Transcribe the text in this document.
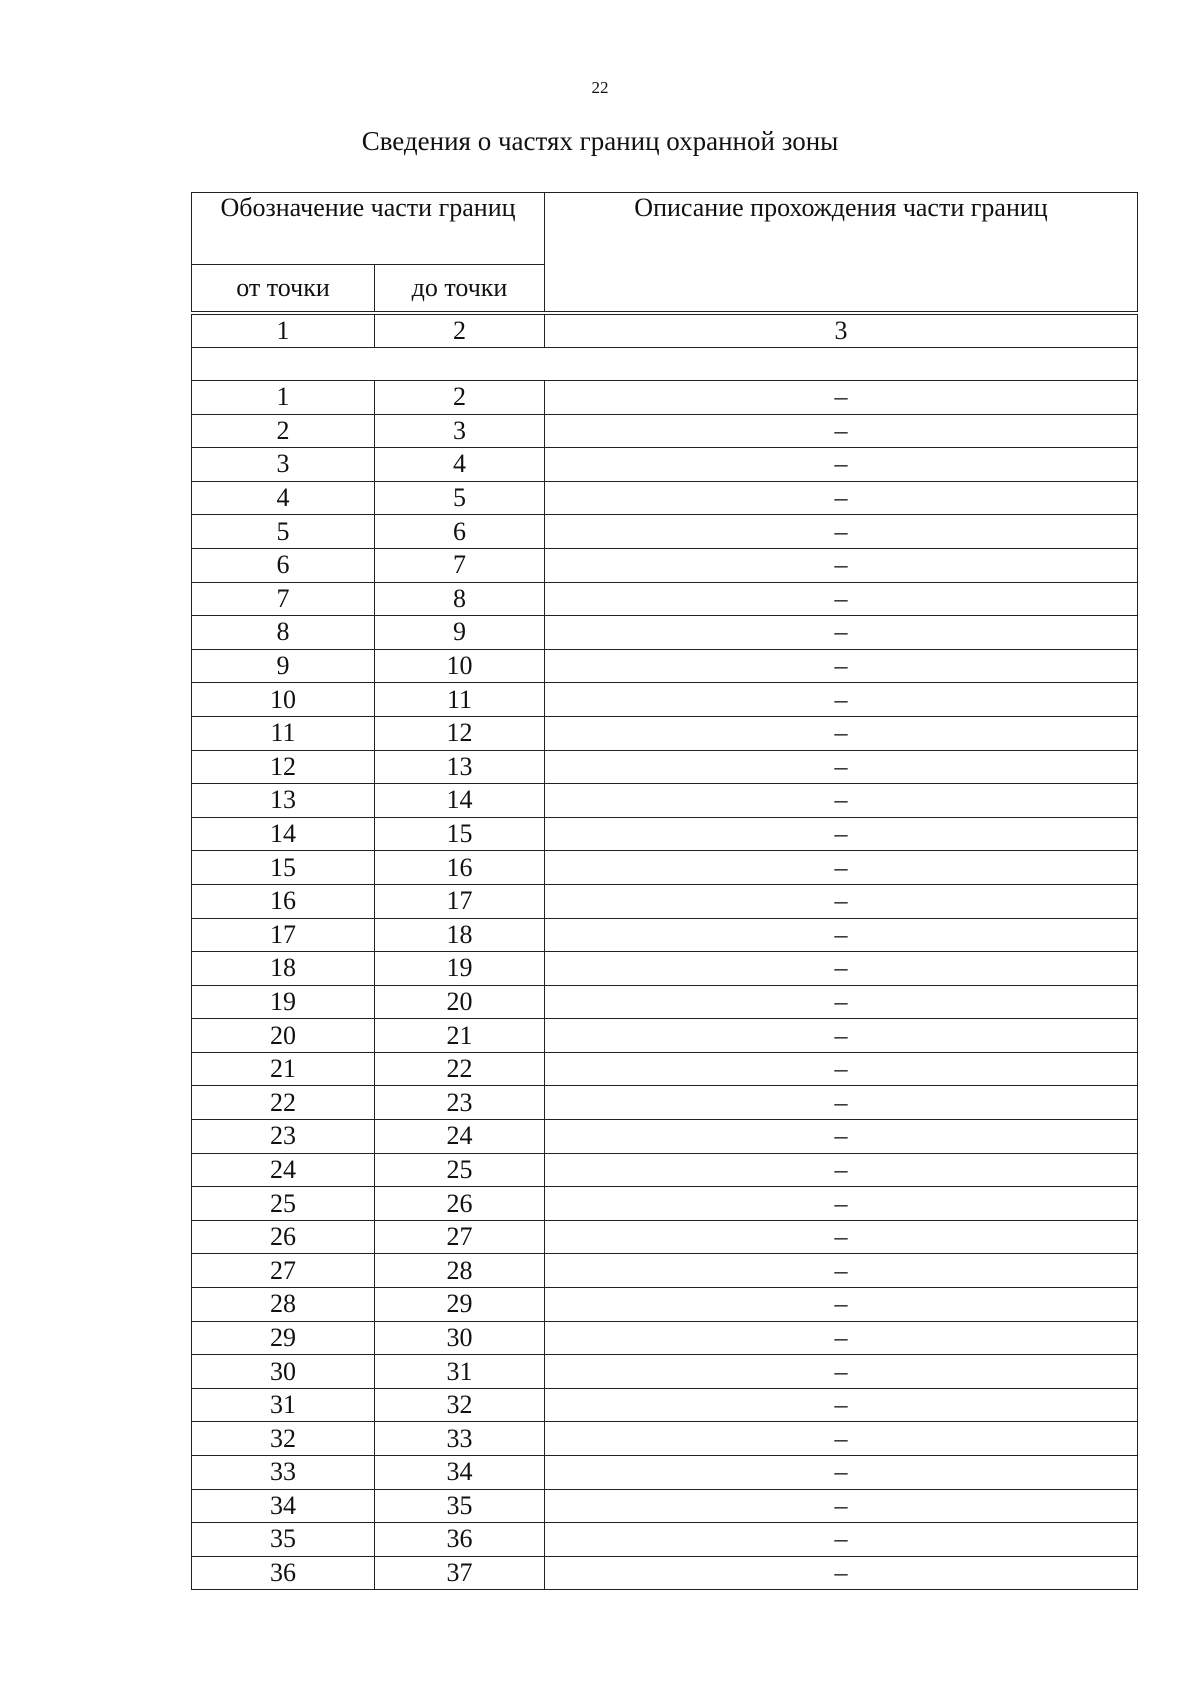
22
Сведения о частях границ охранной зоны
Обозначение части границ		Описание прохождения части границ
от точки	до точки	

1	2	3

1	2	–
2	3	–
3	4	–
4	5	–
5	6	–
6	7	–
7	8	–
8	9	–
9	10	–
10	11	–
11	12	–
12	13	–
13	14	–
14	15	–
15	16	–
16	17	–
17	18	–
18	19	–
19	20	–
20	21	–
21	22	–
22	23	–
23	24	–
24	25	–
25	26	–
26	27	–
27	28	–
28	29	–
29	30	–
30	31	–
31	32	–
32	33	–
33	34	–
34	35	–
35	36	–
36	37	–
